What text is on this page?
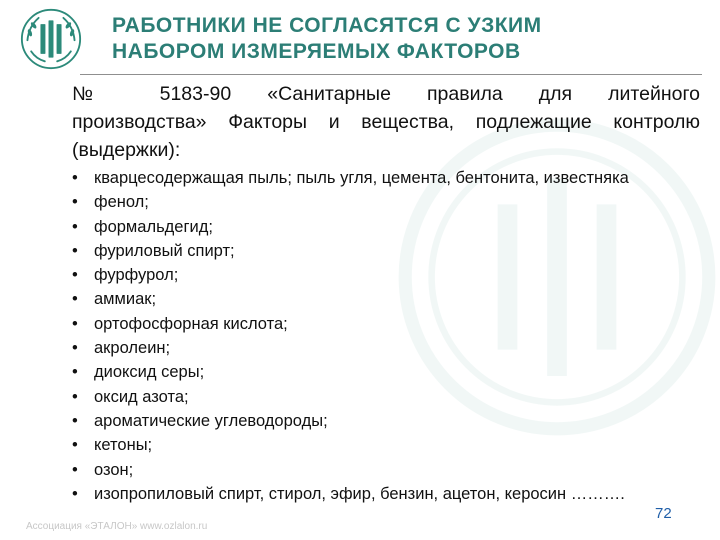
РАБОТНИКИ НЕ СОГЛАСЯТСЯ С УЗКИМ
НАБОРОМ ИЗМЕРЯЕМЫХ ФАКТОРОВ
№ 5183-90 «Санитарные правила для литейного
производства» Факторы и вещества, подлежащие контролю
(выдержки):
• кварцесодержащая пыль; пыль угля, цемента, бентонита, известняка
• фенол;
• формальдегид;
• фуриловый спирт;
• фурфурол;
• аммиак;
• ортофосфорная кислота;
• акролеин;
• диоксид серы;
• оксид азота;
• ароматические углеводороды;
• кетоны;
• озон;
• изопропиловый спирт, стирол, эфир, бензин, ацетон, керосин ……….
Ассоциация «ЭТАЛОН» www.ozlalon.ru
72
